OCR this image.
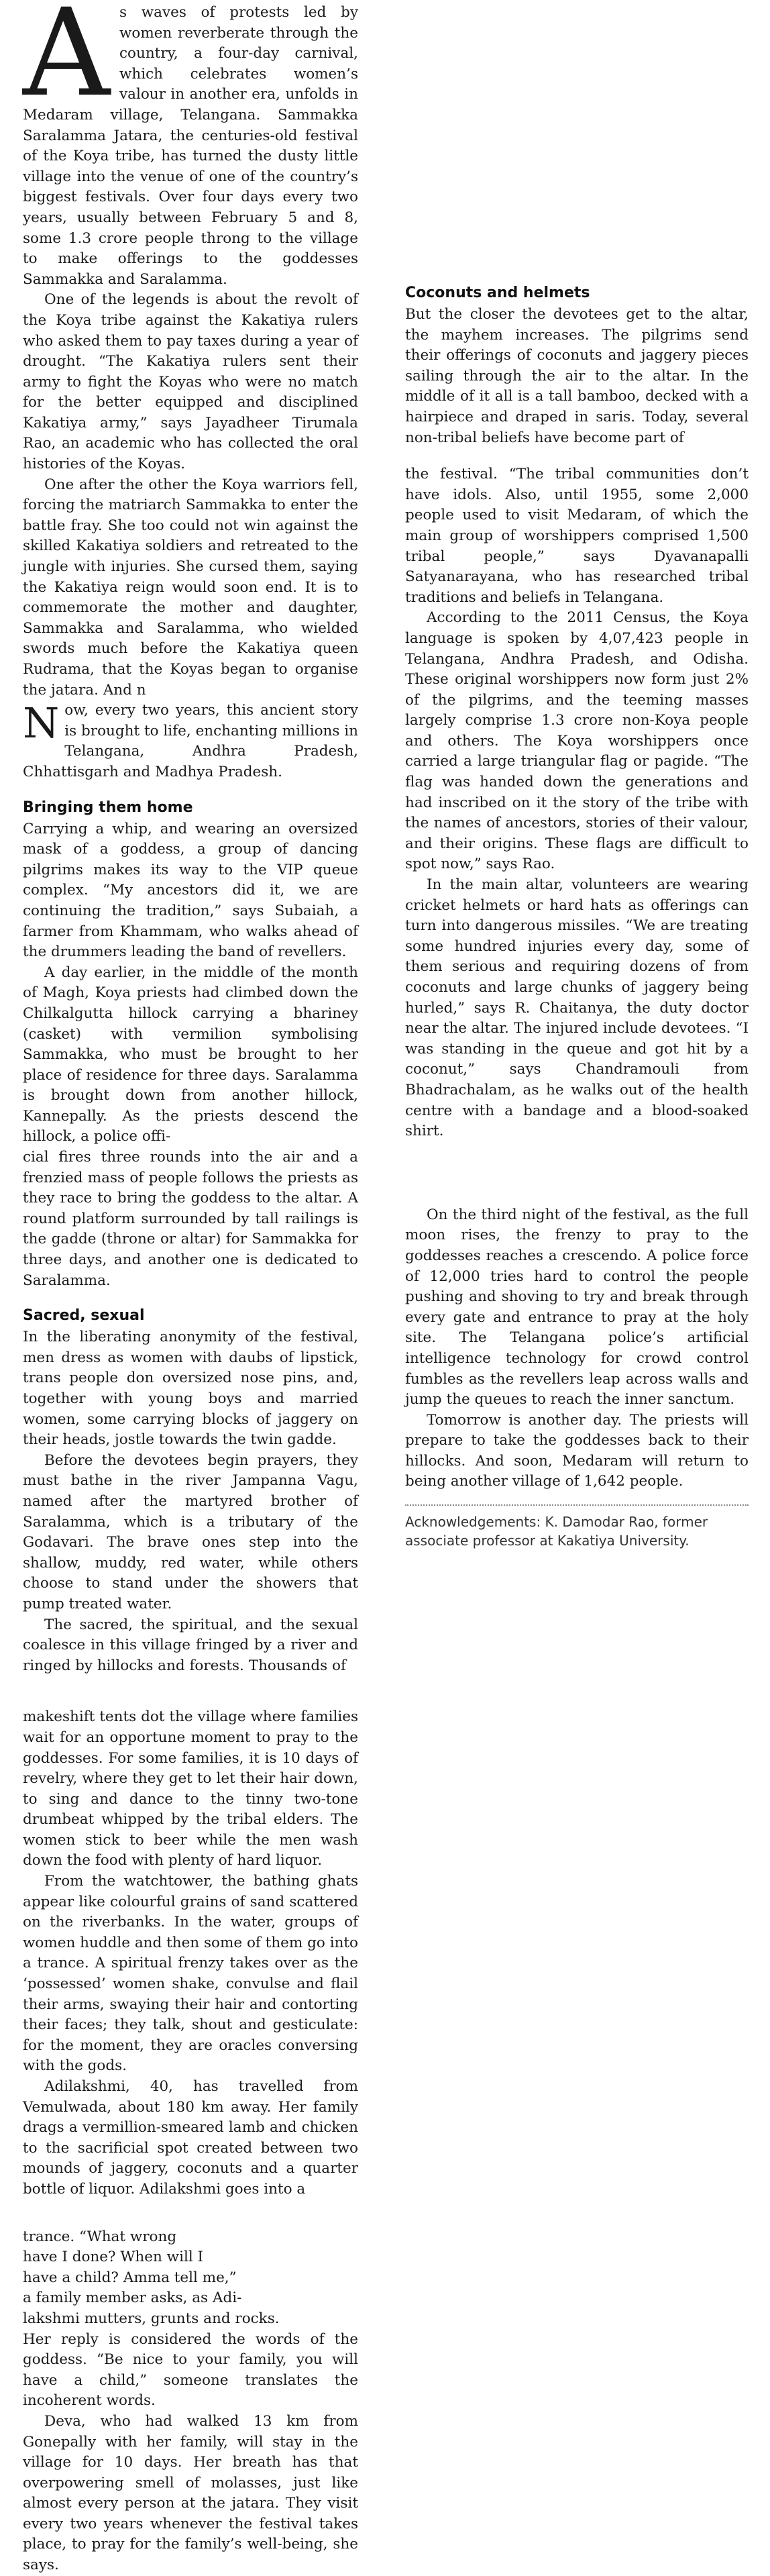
As waves of protests led by women reverberate through the country, a four-day carnival, which celebrates women’s valour in another era, unfolds in Medaram village, Telangana. Sammakka Saralamma Jatara, the centuries-old festival of the Koya tribe, has turned the dusty little village into the venue of one of the country’s biggest festivals. Over four days every two years, usually between February 5 and 8, some 1.3 crore people throng to the village to make offerings to the goddesses Sammakka and Saralamma.

One of the legends is about the revolt of the Koya tribe against the Kakatiya rulers who asked them to pay taxes during a year of drought. “The Kakatiya rulers sent their army to fight the Koyas who were no match for the better equipped and disciplined Kakatiya army,” says Jayadheer Tirumala Rao, an academic who has collected the oral histories of the Koyas.

One after the other the Koya warriors fell, forcing the matriarch Sammakka to enter the battle fray. She too could not win against the skilled Kakatiya soldiers and retreated to the jungle with injuries. She cursed them, saying the Kakatiya reign would soon end. It is to commemorate the mother and daughter, Sammakka and Saralamma, who wielded swords much before the Kakatiya queen Rudrama, that the Koyas began to organise the jatara. And n

Now, every two years, this ancient story is brought to life, enchanting millions in Telangana, Andhra Pradesh, Chhattisgarh and Madhya Pradesh.

Bringing them home

Carrying a whip, and wearing an oversized mask of a goddess, a group of dancing pilgrims makes its way to the VIP queue complex. “My ancestors did it, we are continuing the tradition,” says Subaiah, a farmer from Khammam, who walks ahead of the drummers leading the band of revellers.

A day earlier, in the middle of the month of Magh, Koya priests had climbed down the Chilkalgutta hillock carrying a bhariney (casket) with vermilion symbolising Sammakka, who must be brought to her place of residence for three days. Saralamma is brought down from another hillock, Kannepally. As the priests descend the hillock, a police offi-

cial fires three rounds into the air and a frenzied mass of people follows the priests as they race to bring the goddess to the altar. A round platform surrounded by tall railings is the gadde (throne or altar) for Sammakka for three days, and another one is dedicated to Saralamma.

Sacred, sexual

In the liberating anonymity of the festival, men dress as women with daubs of lipstick, trans people don oversized nose pins, and, together with young boys and married women, some carrying blocks of jaggery on their heads, jostle towards the twin gadde.

Before the devotees begin prayers, they must bathe in the river Jampanna Vagu, named after the martyred brother of Saralamma, which is a tributary of the Godavari. The brave ones step into the shallow, muddy, red water, while others choose to stand under the showers that pump treated water.

The sacred, the spiritual, and the sexual coalesce in this village fringed by a river and ringed by hillocks and forests. Thousands of

makeshift tents dot the village where families wait for an opportune moment to pray to the goddesses. For some families, it is 10 days of revelry, where they get to let their hair down, to sing and dance to the tinny two-tone drumbeat whipped by the tribal elders. The women stick to beer while the men wash down the food with plenty of hard liquor.

From the watchtower, the bathing ghats appear like colourful grains of sand scattered on the riverbanks. In the water, groups of women huddle and then some of them go into a trance. A spiritual frenzy takes over as the ‘possessed’ women shake, convulse and flail their arms, swaying their hair and contorting their faces; they talk, shout and gesticulate: for the moment, they are oracles conversing with the gods.

Adilakshmi, 40, has travelled from Vemulwada, about 180 km away. Her family drags a vermillion-smeared lamb and chicken to the sacrificial spot created between two mounds of jaggery, coconuts and a quarter bottle of liquor. Adilakshmi goes into a

trance. “What wrong

have I done? When will I

have a child? Amma tell me,”

a family member asks, as Adi-

lakshmi mutters, grunts and rocks.

Her reply is considered the words of the goddess. “Be nice to your family, you will have a child,” someone translates the incoherent words.

Deva, who had walked 13 km from Gonepally with her family, will stay in the village for 10 days. Her breath has that overpowering smell of molasses, just like almost every person at the jatara. They visit every two years whenever the festival takes place, to pray for the family’s well-being, she says.

Coconuts and helmets

But the closer the devotees get to the altar, the mayhem increases. The pilgrims send their offerings of coconuts and jaggery pieces sailing through the air to the altar. In the middle of it all is a tall bamboo, decked with a hairpiece and draped in saris. Today, several non-tribal beliefs have become part of

the festival. “The tribal communities don’t have idols. Also, until 1955, some 2,000 people used to visit Medaram, of which the main group of worshippers comprised 1,500 tribal people,” says Dyavanapalli Satyanarayana, who has researched tribal traditions and beliefs in Telangana.

According to the 2011 Census, the Koya language is spoken by 4,07,423 people in Telangana, Andhra Pradesh, and Odisha. These original worshippers now form just 2% of the pilgrims, and the teeming masses largely comprise 1.3 crore non-Koya people and others. The Koya worshippers once carried a large triangular flag or pagide. “The flag was handed down the generations and had inscribed on it the story of the tribe with the names of ancestors, stories of their valour, and their origins. These flags are difficult to spot now,” says Rao.

In the main altar, volunteers are wearing cricket helmets or hard hats as offerings can turn into dangerous missiles. “We are treating some hundred injuries every day, some of them serious and requiring dozens of from coconuts and large chunks of jaggery being hurled,” says R. Chaitanya, the duty doctor near the altar. The injured include devotees. “I was standing in the queue and got hit by a coconut,” says Chandramouli from Bhadrachalam, as he walks out of the health centre with a bandage and a blood-soaked shirt.

On the third night of the festival, as the full moon rises, the frenzy to pray to the goddesses reaches a crescendo. A police force of 12,000 tries hard to control the people pushing and shoving to try and break through every gate and entrance to pray at the holy site. The Telangana police’s artificial intelligence technology for crowd control fumbles as the revellers leap across walls and jump the queues to reach the inner sanctum.

Tomorrow is another day. The priests will prepare to take the goddesses back to their hillocks. And soon, Medaram will return to being another village of 1,642 people.

Acknowledgements: K. Damodar Rao, former associate professor at Kakatiya University.
